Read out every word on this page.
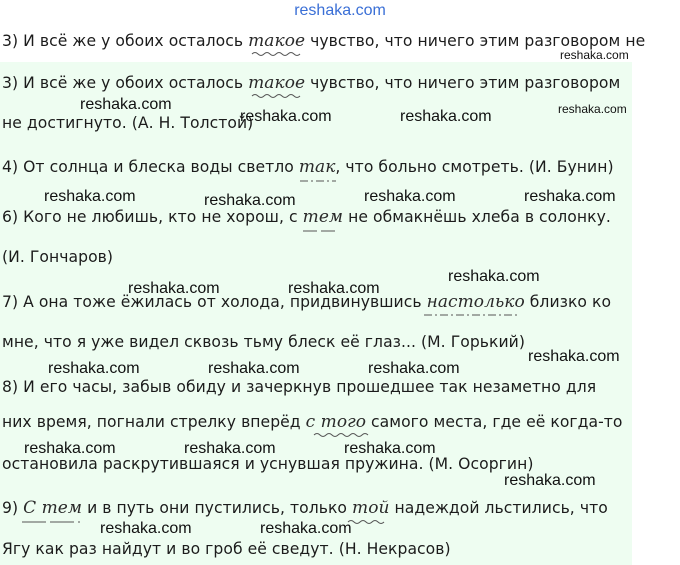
reshaka.com
3) И всё же у обоих осталось такое чувство, что ничего этим разговором не
reshaka.com
3) И всё же у обоих осталось такое чувство, что ничего этим разговором
не достигнуто. (А. Н. Толстой)
4) От солнца и блеска воды светло так, что больно смотреть. (И. Бунин)
6) Кого не любишь, кто не хорош, с тем не обмакнёшь хлеба в солонку.
(И. Гончаров)
7) А она тоже ёжилась от холода, придвинувшись настолько близко ко
мне, что я уже видел сквозь тьму блеск её глаз... (М. Горький)
8) И его часы, забыв обиду и зачеркнув прошедшее так незаметно для
них время, погнали стрелку вперёд с того самого места, где её когда-то
остановила раскрутившаяся и уснувшая пружина. (М. Осоргин)
9) С тем и в путь они пустились, только той надеждой льстились, что
Ягу как раз найдут и во гроб её сведут. (Н. Некрасов)
reshaka.com
reshaka.com
reshaka.com	reshaka.com
reshaka.com	reshaka.com	reshaka.com	reshaka.com
reshaka.com
reshaka.com	reshaka.com
reshaka.com
reshaka.com	reshaka.com	reshaka.com
reshaka.com	reshaka.com	reshaka.com
reshaka.com
reshaka.com	reshaka.com
